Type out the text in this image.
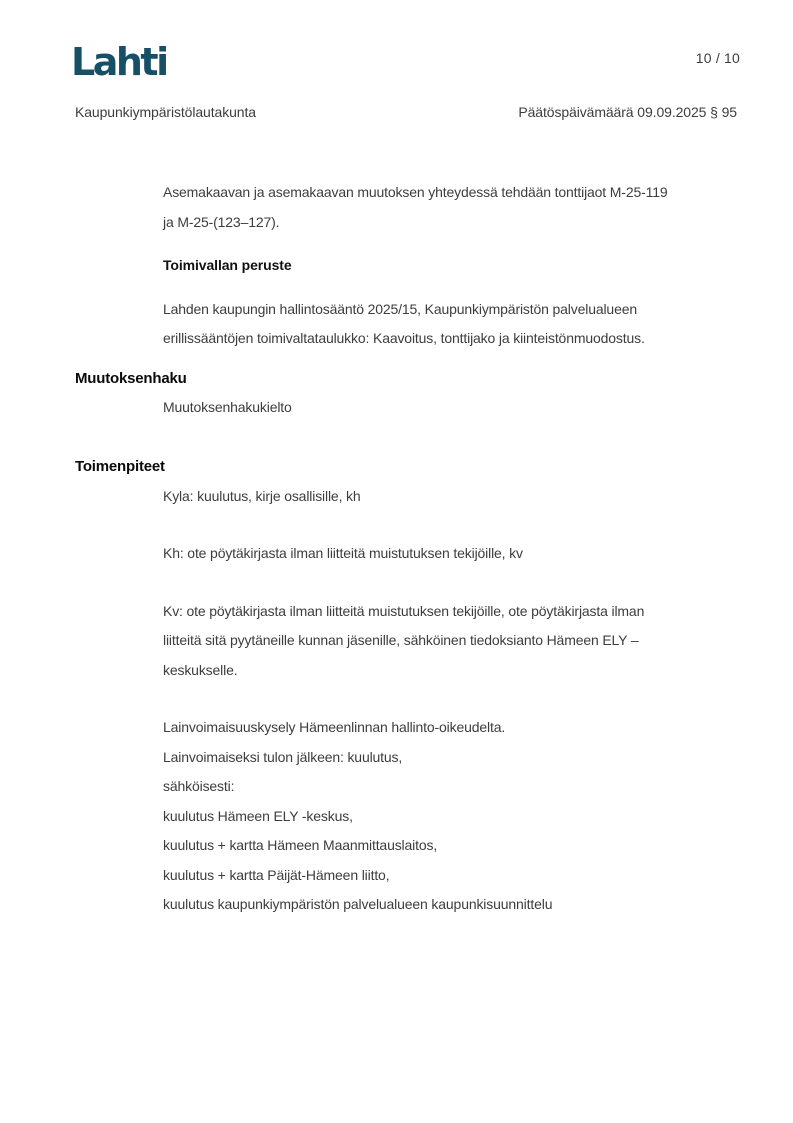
Lahti	10 / 10
Kaupunkiympäristölautakunta	Päätöspäivämäärä 09.09.2025 § 95
Asemakaavan ja asemakaavan muutoksen yhteydessä tehdään tonttijaot M-25-119
ja M-25-(123–127).
Toimivallan peruste
Lahden kaupungin hallintosääntö 2025/15, Kaupunkiympäristön palvelualueen
erillissääntöjen toimivaltataulukko: Kaavoitus, tonttijako ja kiinteistönmuodostus.
Muutoksenhaku
Muutoksenhakukielto
Toimenpiteet
Kyla: kuulutus, kirje osallisille, kh
Kh: ote pöytäkirjasta ilman liitteitä muistutuksen tekijöille, kv
Kv: ote pöytäkirjasta ilman liitteitä muistutuksen tekijöille, ote pöytäkirjasta ilman
liitteitä sitä pyytäneille kunnan jäsenille, sähköinen tiedoksianto Hämeen ELY –
keskukselle.
Lainvoimaisuuskysely Hämeenlinnan hallinto-oikeudelta.
Lainvoimaiseksi tulon jälkeen: kuulutus,
sähköisesti:
kuulutus Hämeen ELY -keskus,
kuulutus + kartta Hämeen Maanmittauslaitos,
kuulutus + kartta Päijät-Hämeen liitto,
kuulutus kaupunkiympäristön palvelualueen kaupunkisuunnittelu
